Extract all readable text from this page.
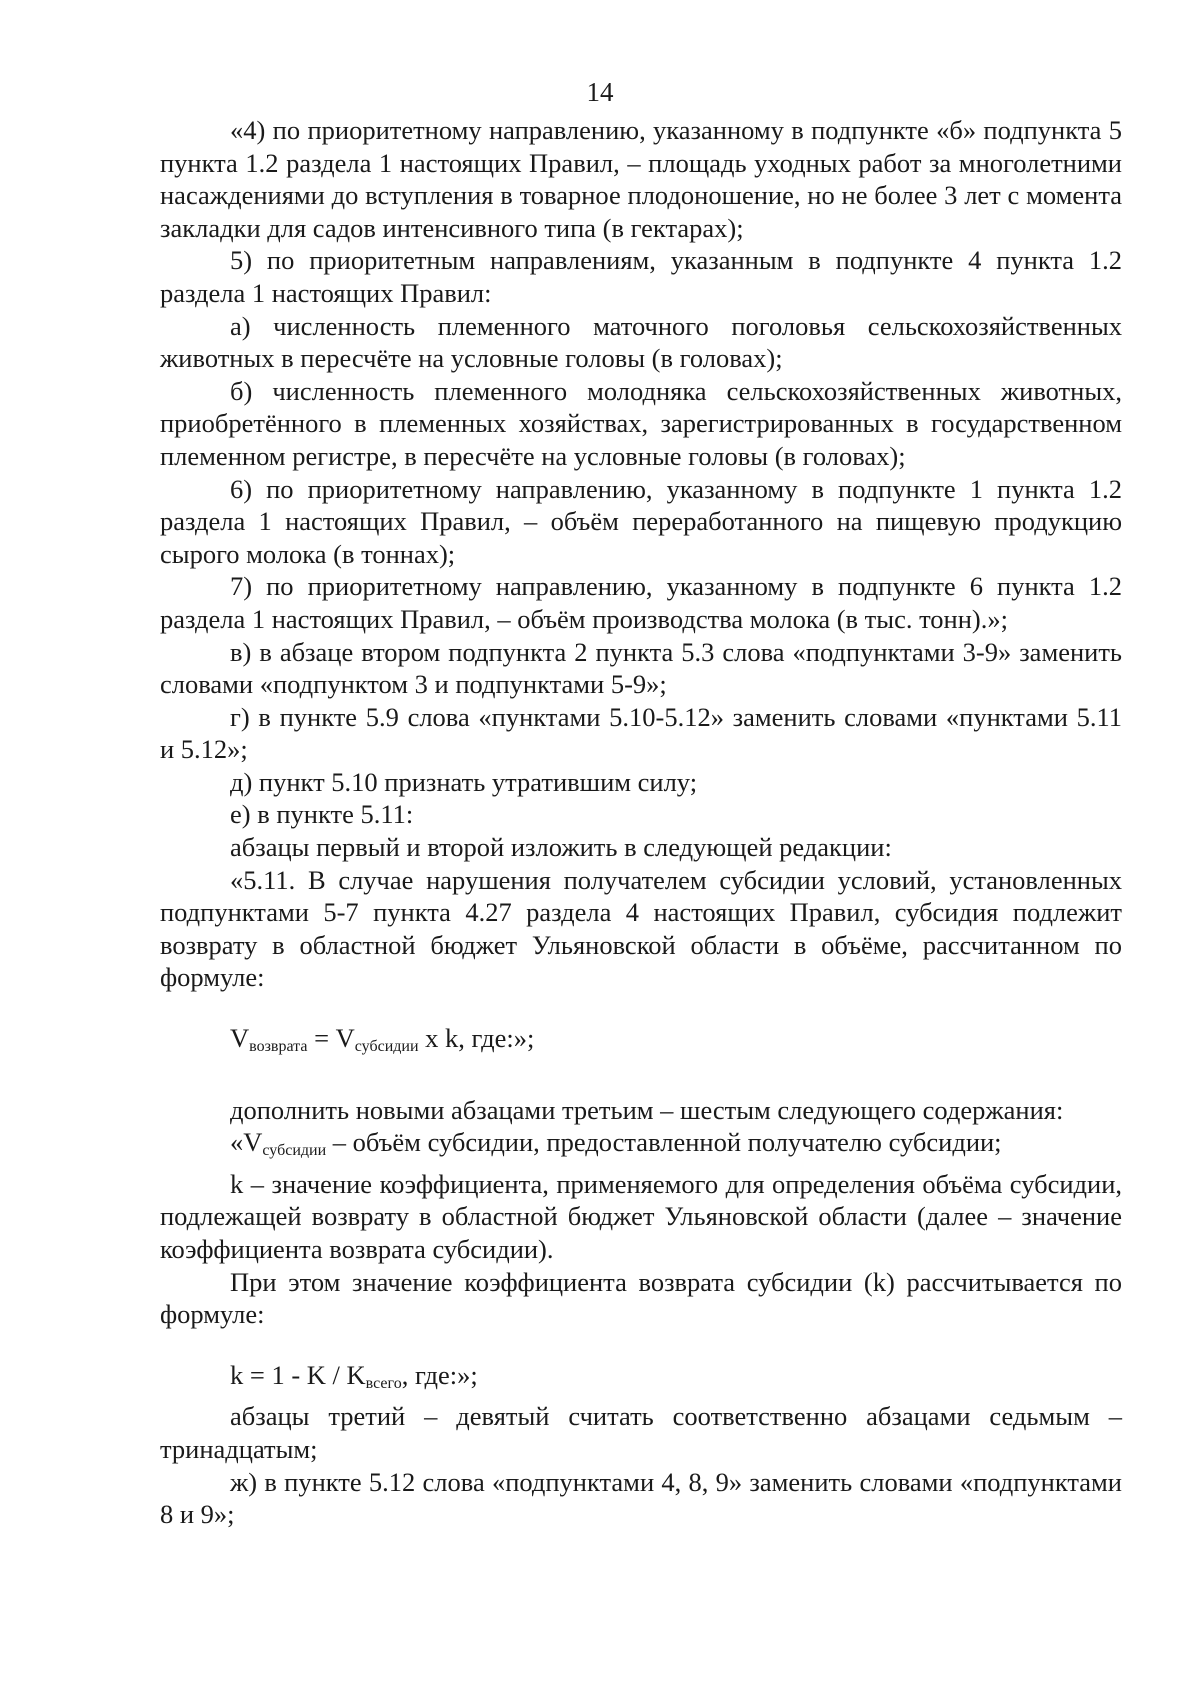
14

«4) по приоритетному направлению, указанному в подпункте «б» подпункта 5 пункта 1.2 раздела 1 настоящих Правил, – площадь уходных работ за многолетними насаждениями до вступления в товарное плодоношение, но не более 3 лет с момента закладки для садов интенсивного типа (в гектарах);

5) по приоритетным направлениям, указанным в подпункте 4 пункта 1.2 раздела 1 настоящих Правил:

а) численность племенного маточного поголовья сельскохозяйственных животных в пересчёте на условные головы (в головах);

б) численность племенного молодняка сельскохозяйственных животных, приобретённого в племенных хозяйствах, зарегистрированных в государственном племенном регистре, в пересчёте на условные головы (в головах);

6) по приоритетному направлению, указанному в подпункте 1 пункта 1.2 раздела 1 настоящих Правил, – объём переработанного на пищевую продукцию сырого молока (в тоннах);

7) по приоритетному направлению, указанному в подпункте 6 пункта 1.2 раздела 1 настоящих Правил, – объём производства молока (в тыс. тонн).»;

в) в абзаце втором подпункта 2 пункта 5.3 слова «подпунктами 3-9» заменить словами «подпунктом 3 и подпунктами 5-9»;

г) в пункте 5.9 слова «пунктами 5.10-5.12» заменить словами «пунктами 5.11 и 5.12»;

д) пункт 5.10 признать утратившим силу;

е) в пункте 5.11:

абзацы первый и второй изложить в следующей редакции:

«5.11. В случае нарушения получателем субсидии условий, установленных подпунктами 5-7 пункта 4.27 раздела 4 настоящих Правил, субсидия подлежит возврату в областной бюджет Ульяновской области в объёме, рассчитанном по формуле:

$V_{возврата} = V_{субсидии}$ x k, где:»;

дополнить новыми абзацами третьим – шестым следующего содержания:

«$V_{субсидии}$ – объём субсидии, предоставленной получателю субсидии;

k – значение коэффициента, применяемого для определения объёма субсидии, подлежащей возврату в областной бюджет Ульяновской области (далее – значение коэффициента возврата субсидии).

При этом значение коэффициента возврата субсидии (k) рассчитывается по формуле:

$k = 1 - K / K_{всего}$, где:»;

абзацы третий – девятый считать соответственно абзацами седьмым – тринадцатым;

ж) в пункте 5.12 слова «подпунктами 4, 8, 9» заменить словами «подпунктами 8 и 9»;
